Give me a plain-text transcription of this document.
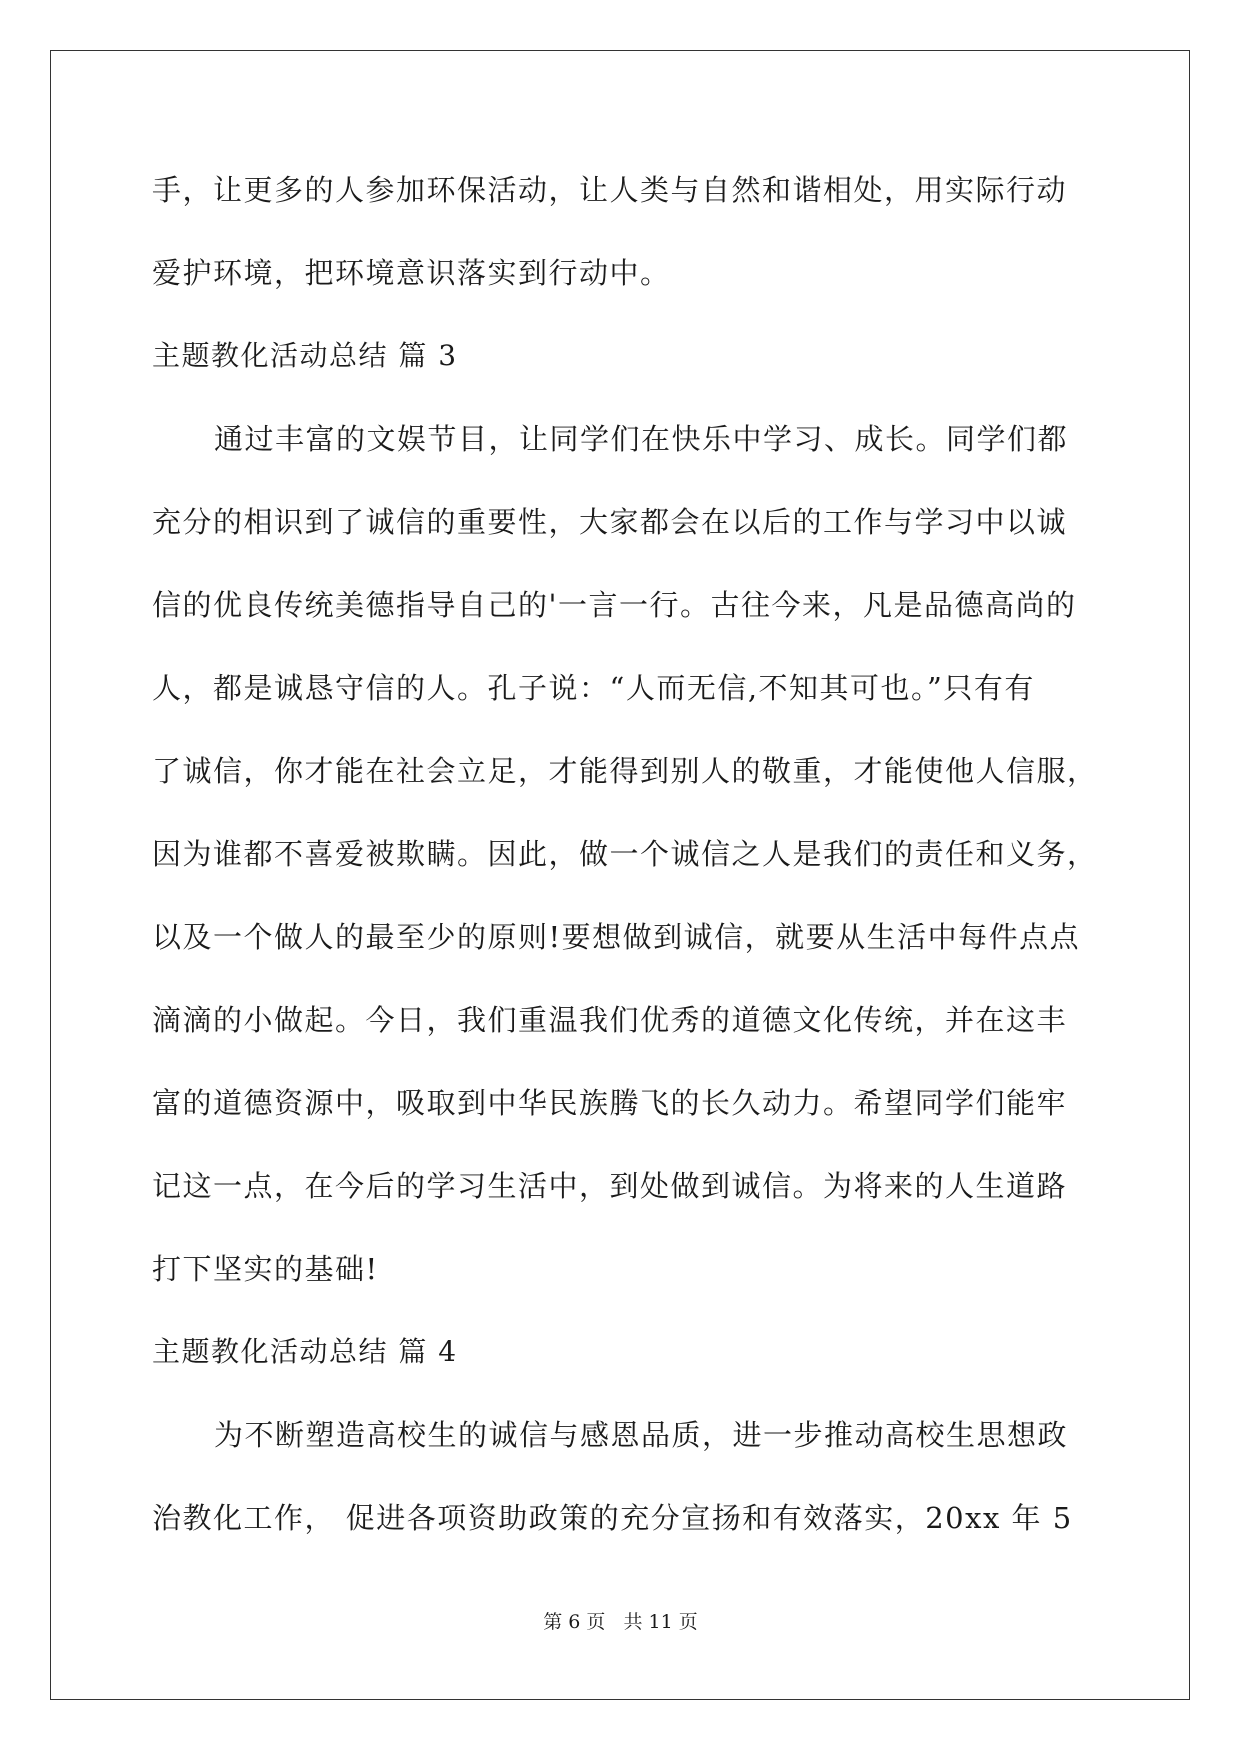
手，让更多的人参加环保活动，让人类与自然和谐相处，用实际行动
爱护环境，把环境意识落实到行动中。
主题教化活动总结 篇 3
通过丰富的文娱节目，让同学们在快乐中学习、成长。同学们都
充分的相识到了诚信的重要性，大家都会在以后的工作与学习中以诚
信的优良传统美德指导自己的'一言一行。古往今来，凡是品德高尚的
人，都是诚恳守信的人。孔子说：“人而无信,不知其可也。”只有有
了诚信，你才能在社会立足，才能得到别人的敬重，才能使他人信服，
因为谁都不喜爱被欺瞒。因此，做一个诚信之人是我们的责任和义务，
以及一个做人的最至少的原则!要想做到诚信，就要从生活中每件点点
滴滴的小做起。今日，我们重温我们优秀的道德文化传统，并在这丰
富的道德资源中，吸取到中华民族腾飞的长久动力。希望同学们能牢
记这一点，在今后的学习生活中，到处做到诚信。为将来的人生道路
打下坚实的基础!
主题教化活动总结 篇 4
为不断塑造高校生的诚信与感恩品质，进一步推动高校生思想政
治教化工作， 促进各项资助政策的充分宣扬和有效落实，20xx 年 5
第 6 页 共 11 页
